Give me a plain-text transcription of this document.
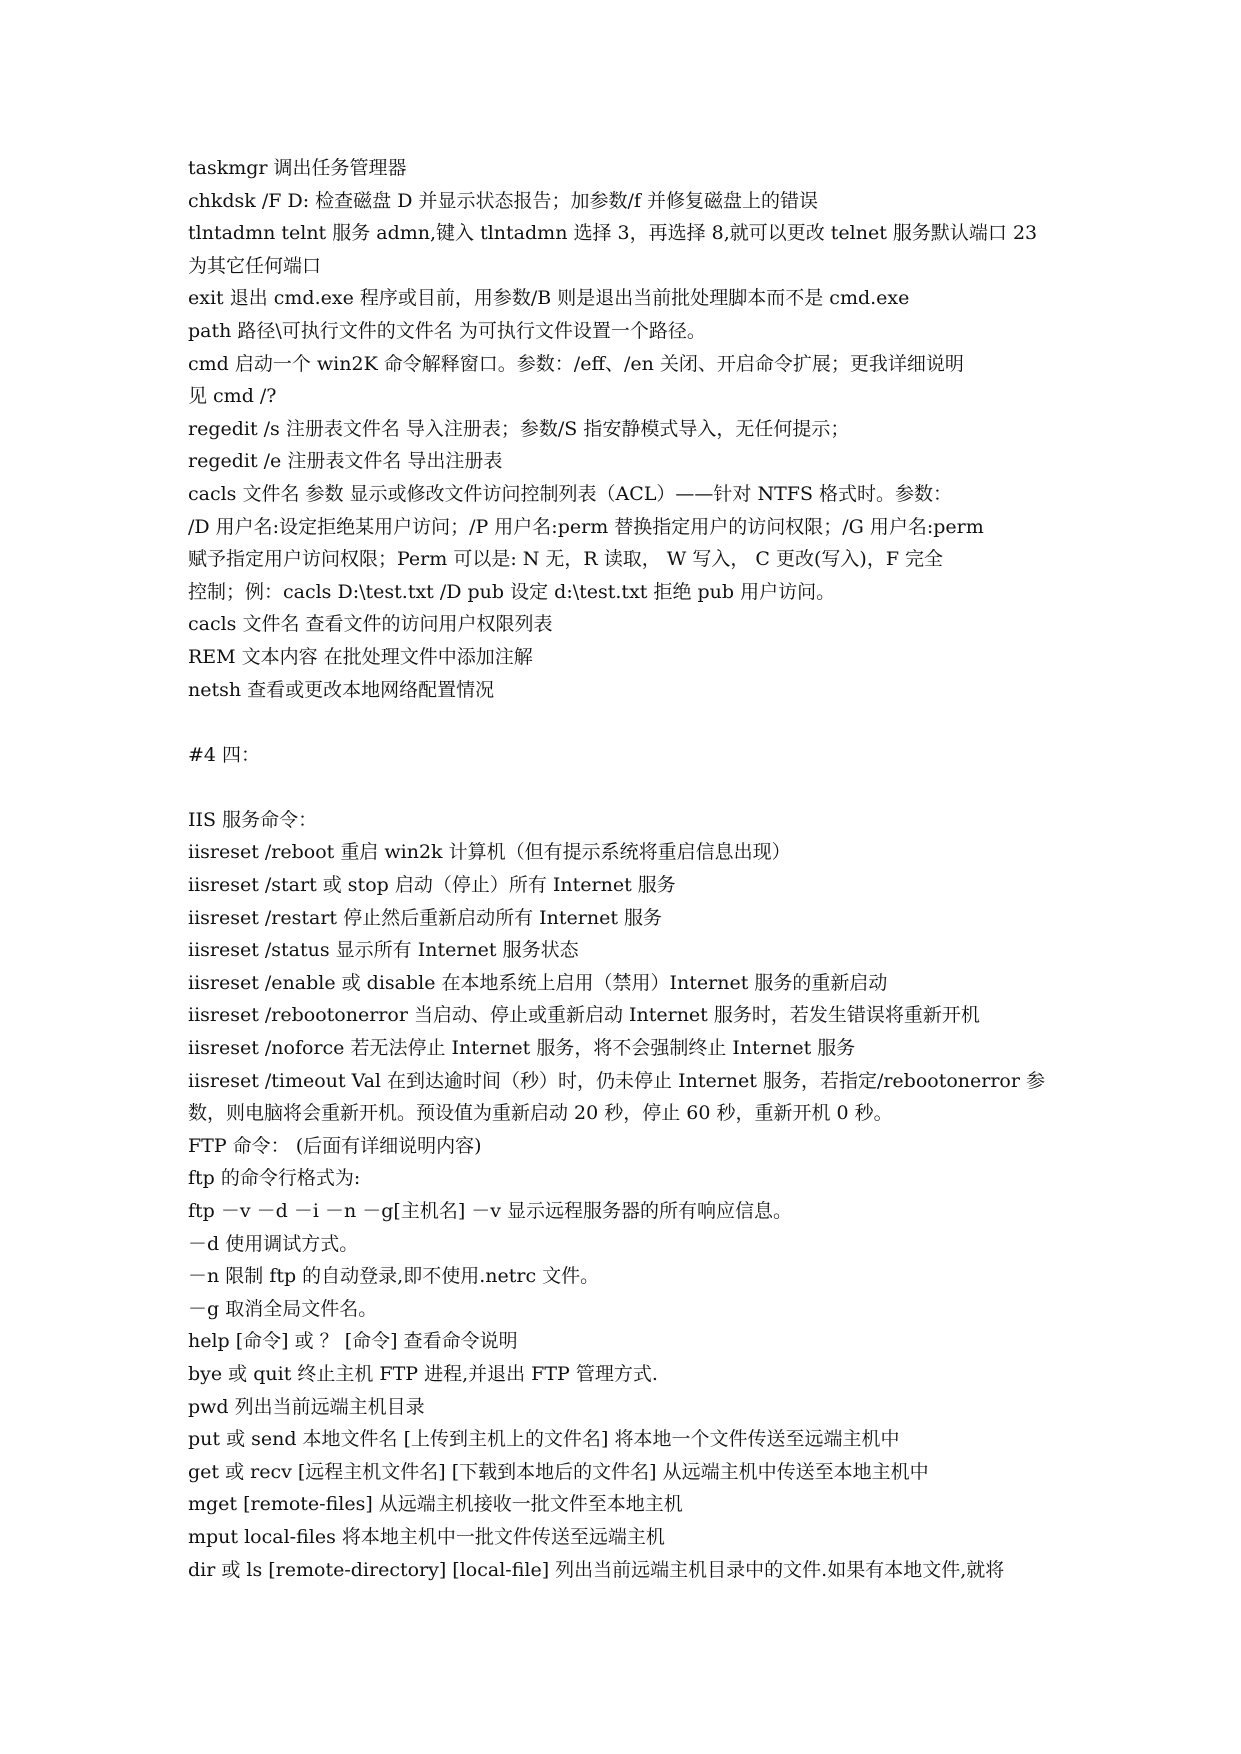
taskmgr 调出任务管理器
chkdsk /F D: 检查磁盘 D 并显示状态报告；加参数/f 并修复磁盘上的错误
tlntadmn telnt 服务 admn,键入 tlntadmn 选择 3，再选择 8,就可以更改 telnet 服务默认端口 23
为其它任何端口
exit 退出 cmd.exe 程序或目前，用参数/B 则是退出当前批处理脚本而不是 cmd.exe
path 路径\可执行文件的文件名 为可执行文件设置一个路径。
cmd 启动一个 win2K 命令解释窗口。参数：/eff、/en 关闭、开启命令扩展；更我详细说明
见 cmd /?
regedit /s 注册表文件名 导入注册表；参数/S 指安静模式导入，无任何提示；
regedit /e 注册表文件名 导出注册表
cacls 文件名 参数 显示或修改文件访问控制列表（ACL）——针对 NTFS 格式时。参数：
/D 用户名:设定拒绝某用户访问；/P 用户名:perm 替换指定用户的访问权限；/G 用户名:perm
赋予指定用户访问权限；Perm 可以是: N 无，R 读取， W 写入， C 更改(写入)，F 完全
控制；例：cacls D:\test.txt /D pub 设定 d:\test.txt 拒绝 pub 用户访问。
cacls 文件名 查看文件的访问用户权限列表
REM 文本内容 在批处理文件中添加注解
netsh 查看或更改本地网络配置情况
#4 四：
IIS 服务命令：
iisreset /reboot 重启 win2k 计算机（但有提示系统将重启信息出现）
iisreset /start 或 stop 启动（停止）所有 Internet 服务
iisreset /restart 停止然后重新启动所有 Internet 服务
iisreset /status 显示所有 Internet 服务状态
iisreset /enable 或 disable 在本地系统上启用（禁用）Internet 服务的重新启动
iisreset /rebootonerror 当启动、停止或重新启动 Internet 服务时，若发生错误将重新开机
iisreset /noforce 若无法停止 Internet 服务，将不会强制终止 Internet 服务
iisreset /timeout Val 在到达逾时间（秒）时，仍未停止 Internet 服务，若指定/rebootonerror 参
数，则电脑将会重新开机。预设值为重新启动 20 秒，停止 60 秒，重新开机 0 秒。
FTP 命令： (后面有详细说明内容)
ftp 的命令行格式为:
ftp －v －d －i －n －g[主机名] －v 显示远程服务器的所有响应信息。
－d 使用调试方式。
－n 限制 ftp 的自动登录,即不使用.netrc 文件。
－g 取消全局文件名。
help [命令] 或 ？ [命令] 查看命令说明
bye 或 quit 终止主机 FTP 进程,并退出 FTP 管理方式.
pwd 列出当前远端主机目录
put 或 send 本地文件名 [上传到主机上的文件名] 将本地一个文件传送至远端主机中
get 或 recv [远程主机文件名] [下载到本地后的文件名] 从远端主机中传送至本地主机中
mget [remote-files] 从远端主机接收一批文件至本地主机
mput local-files 将本地主机中一批文件传送至远端主机
dir 或 ls [remote-directory] [local-file] 列出当前远端主机目录中的文件.如果有本地文件,就将
